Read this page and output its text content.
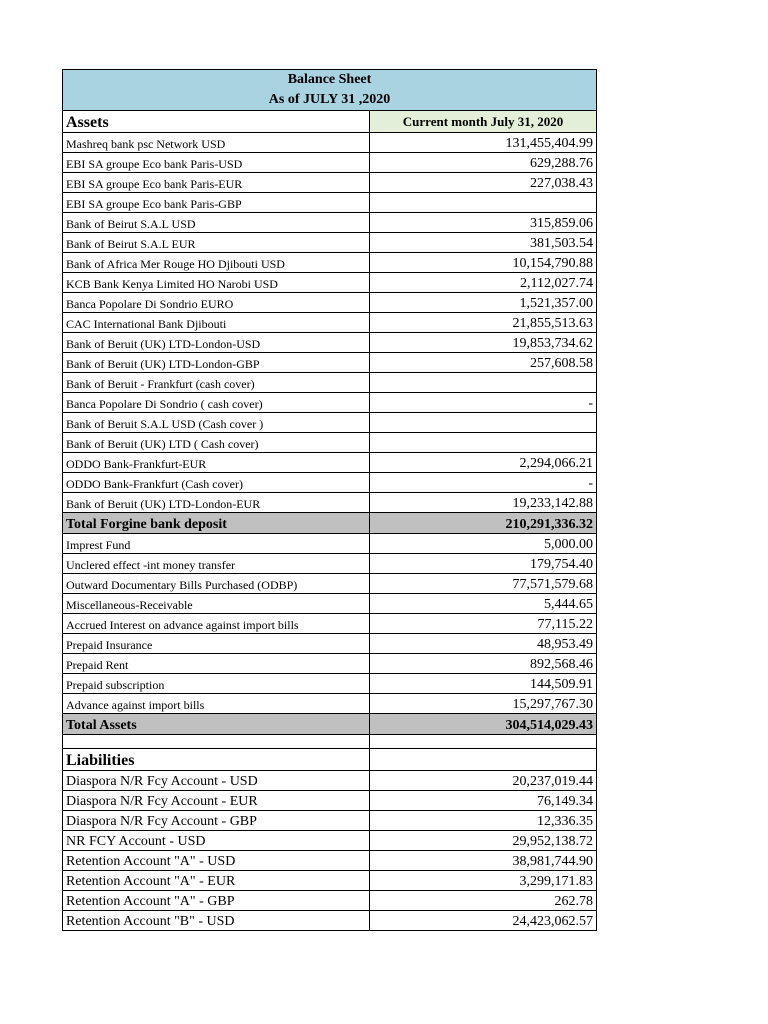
Balance Sheet
As of JULY 31 ,2020	

Assets	Current month July 31, 2020
Mashreq bank psc Network USD	131,455,404.99
EBI SA groupe Eco bank Paris-USD	629,288.76
EBI SA groupe Eco bank Paris-EUR	227,038.43
EBI SA groupe Eco bank Paris-GBP	
Bank of Beirut S.A.L USD	315,859.06
Bank of Beirut S.A.L EUR	381,503.54
Bank of Africa Mer Rouge HO Djibouti USD	10,154,790.88
KCB Bank Kenya Limited HO Narobi USD	2,112,027.74
Banca Popolare Di Sondrio EURO	1,521,357.00
CAC International Bank Djibouti	21,855,513.63
Bank of Beruit (UK) LTD-London-USD	19,853,734.62
Bank of Beruit (UK) LTD-London-GBP	257,608.58
Bank of Beruit - Frankfurt (cash cover)	
Banca Popolare Di Sondrio ( cash cover)	-
Bank of Beruit S.A.L USD (Cash cover )	
Bank of Beruit (UK) LTD ( Cash cover)	
ODDO Bank-Frankfurt-EUR	2,294,066.21
ODDO Bank-Frankfurt (Cash cover)	-
Bank of Beruit (UK) LTD-London-EUR	19,233,142.88
Total Forgine bank deposit	210,291,336.32
Imprest Fund	5,000.00
Unclered effect -int money transfer	179,754.40
Outward Documentary Bills Purchased (ODBP)	77,571,579.68
Miscellaneous-Receivable	5,444.65
Accrued Interest on advance against import bills	77,115.22
Prepaid Insurance	48,953.49
Prepaid Rent	892,568.46
Prepaid subscription	144,509.91
Advance against import bills	15,297,767.30
Total Assets	304,514,029.43

Liabilities	
Diaspora N/R Fcy Account - USD	20,237,019.44
Diaspora N/R Fcy Account - EUR	76,149.34
Diaspora N/R Fcy Account - GBP	12,336.35
NR FCY Account - USD	29,952,138.72
Retention Account "A" - USD	38,981,744.90
Retention Account "A" - EUR	3,299,171.83
Retention Account "A" - GBP	262.78
Retention Account "B" - USD	24,423,062.57
